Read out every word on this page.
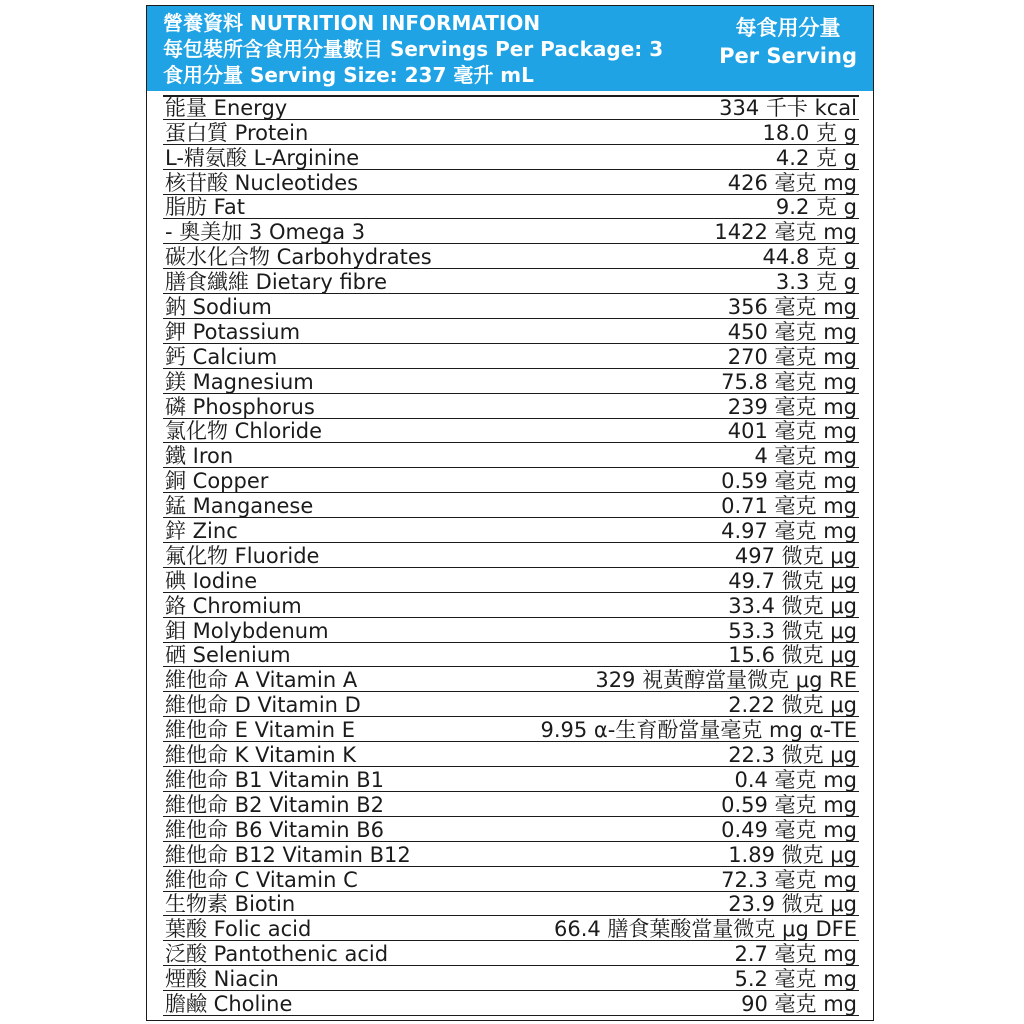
營養資料 NUTRITION INFORMATION
每包裝所含食用分量數目 Servings Per Package: 3
食用分量 Serving Size: 237 毫升 mL
每食用分量
Per Serving
能量 Energy	334 千卡 kcal
蛋白質 Protein	18.0 克 g
L-精氨酸 L-Arginine	4.2 克 g
核苷酸 Nucleotides	426 毫克 mg
脂肪 Fat	9.2 克 g
- 奧美加 3 Omega 3	1422 毫克 mg
碳水化合物 Carbohydrates	44.8 克 g
膳食纖維 Dietary fibre	3.3 克 g
鈉 Sodium	356 毫克 mg
鉀 Potassium	450 毫克 mg
鈣 Calcium	270 毫克 mg
鎂 Magnesium	75.8 毫克 mg
磷 Phosphorus	239 毫克 mg
氯化物 Chloride	401 毫克 mg
鐵 Iron	4 毫克 mg
銅 Copper	0.59 毫克 mg
錳 Manganese	0.71 毫克 mg
鋅 Zinc	4.97 毫克 mg
氟化物 Fluoride	497 微克 μg
碘 Iodine	49.7 微克 μg
鉻 Chromium	33.4 微克 μg
鉬 Molybdenum	53.3 微克 μg
硒 Selenium	15.6 微克 μg
維他命 A Vitamin A	329 視黃醇當量微克 μg RE
維他命 D Vitamin D	2.22 微克 μg
維他命 E Vitamin E	9.95 α-生育酚當量毫克 mg α-TE
維他命 K Vitamin K	22.3 微克 μg
維他命 B1 Vitamin B1	0.4 毫克 mg
維他命 B2 Vitamin B2	0.59 毫克 mg
維他命 B6 Vitamin B6	0.49 毫克 mg
維他命 B12 Vitamin B12	1.89 微克 μg
維他命 C Vitamin C	72.3 毫克 mg
生物素 Biotin	23.9 微克 μg
葉酸 Folic acid	66.4 膳食葉酸當量微克 μg DFE
泛酸 Pantothenic acid	2.7 毫克 mg
煙酸 Niacin	5.2 毫克 mg
膽鹼 Choline	90 毫克 mg
